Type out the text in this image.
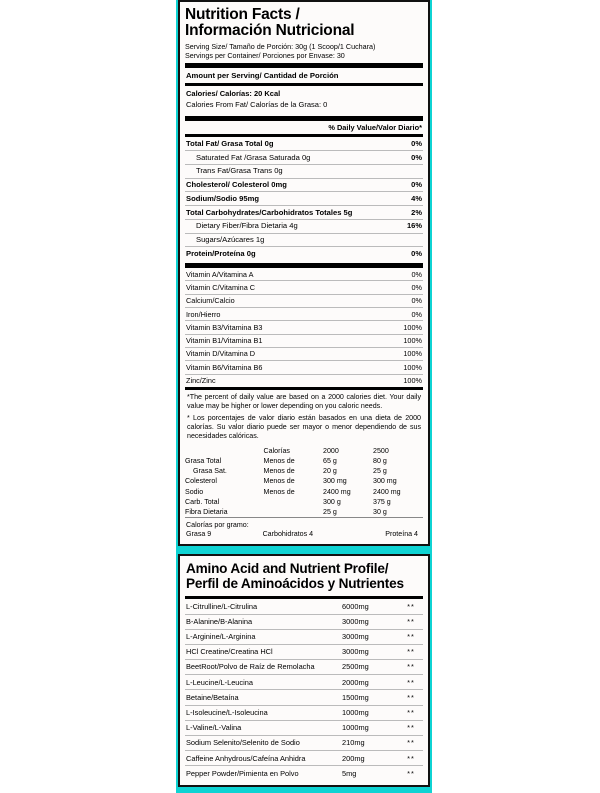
Nutrition Facts /
Información Nutricional
Serving Size/ Tamaño de Porción: 30g (1 Scoop/1 Cuchara)
Servings per Container/ Porciones por Envase: 30
Amount per Serving/ Cantidad de Porción
Calories/ Calorías: 20 Kcal
Calories From Fat/ Calorías de la Grasa: 0
% Daily Value/Valor Diario*
Total Fat/ Grasa Total 0g	0%
Saturated Fat /Grasa Saturada 0g	0%
Trans Fat/Grasa Trans 0g
Cholesterol/ Colesterol 0mg	0%
Sodium/Sodio 95mg	4%
Total Carbohydrates/Carbohidratos Totales 5g	2%
Dietary Fiber/Fibra Dietaria 4g	16%
Sugars/Azúcares 1g
Protein/Proteína 0g	0%
Vitamin A/Vitamina A	0%
Vitamin C/Vitamina C	0%
Calcium/Calcio	0%
Iron/Hierro	0%
Vitamin B3/Vitamina B3	100%
Vitamin B1/Vitamina B1	100%
Vitamin D/Vitamina D	100%
Vitamin B6/Vitamina B6	100%
Zinc/Zinc	100%

*The percent of daily value are based on a 2000 calories diet. Your daily value may be higher or lower depending on you caloric needs.

* Los porcentajes de valor diario están basados en una dieta de 2000 calorías. Su valor diario puede ser mayor o menor dependiendo de sus necesidades calóricas.

	Calorías	2000	2500
Grasa Total	Menos de	65 g	80 g
Grasa Sat.	Menos de	20 g	25 g
Colesterol	Menos de	300 mg	300 mg
Sodio	Menos de	2400 mg	2400 mg
Carb. Total		300 g	375 g
Fibra Dietaria		25 g	30 g
Calorías por gramo:
Grasa 9	Carbohidratos 4	Proteína 4
Amino Acid and Nutrient Profile/
Perfil de Aminoácidos y Nutrientes
L-Citrulline/L-Citrulina	6000mg	**
B-Alanine/B-Alanina	3000mg	**
L-Arginine/L-Arginina	3000mg	**
HCl Creatine/Creatina HCl	3000mg	**
BeetRoot/Polvo de Raíz de Remolacha	2500mg	**
L-Leucine/L-Leucina	2000mg	**
Betaine/Betaína	1500mg	**
L-Isoleucine/L-Isoleucina	1000mg	**
L-Valine/L-Valina	1000mg	**
Sodium Selenito/Selenito de Sodio	210mg	**
Caffeine Anhydrous/Cafeína Anhidra	200mg	**
Pepper Powder/Pimienta en Polvo	5mg	**
